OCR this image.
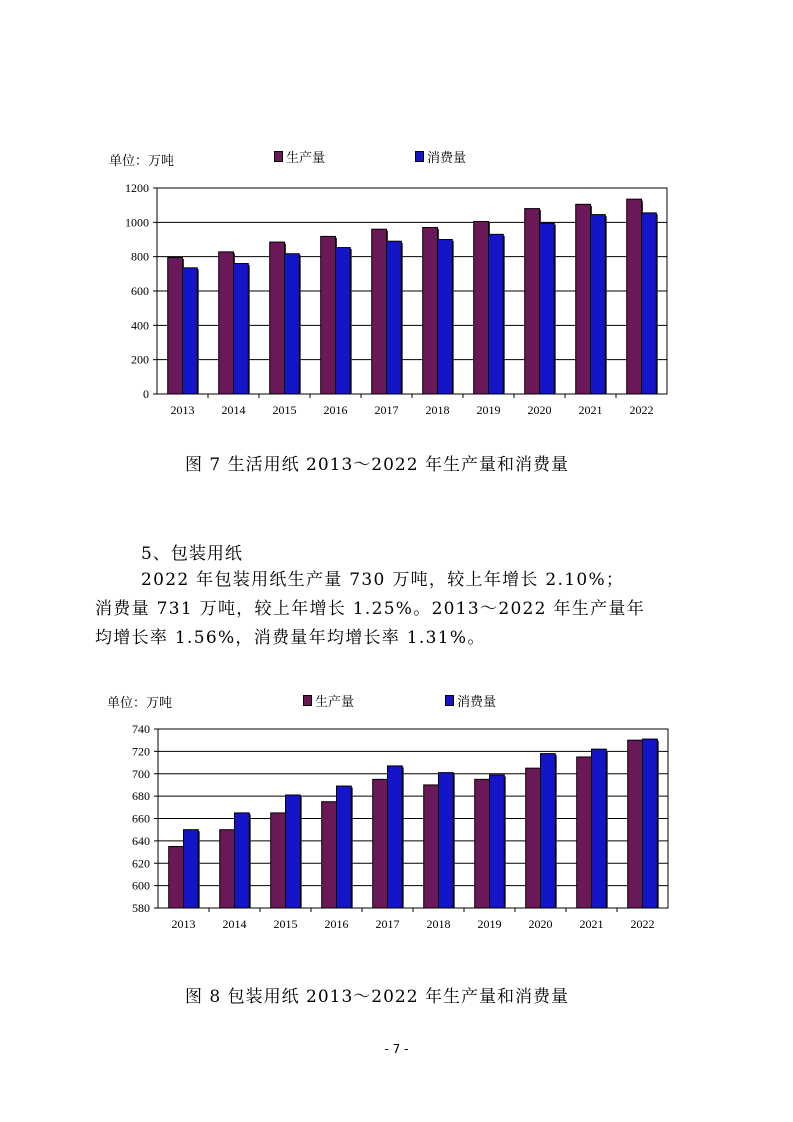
单位：万吨	生产量	消费量
0
200
400
600
800
1000
1200
2013 2014 2015 2016 2017 2018 2019 2020 2021 2022
图 7 生活用纸 2013～2022 年生产量和消费量
5、包装用纸
2022 年包装用纸生产量 730 万吨，较上年增长 2.10%；
消费量 731 万吨，较上年增长 1.25%。2013～2022 年生产量年
均增长率 1.56%，消费量年均增长率 1.31%。
单位：万吨	生产量	消费量
580
600
620
640
660
680
700
720
740
2013 2014 2015 2016 2017 2018 2019 2020 2021 2022
图 8 包装用纸 2013～2022 年生产量和消费量
- 7 -
